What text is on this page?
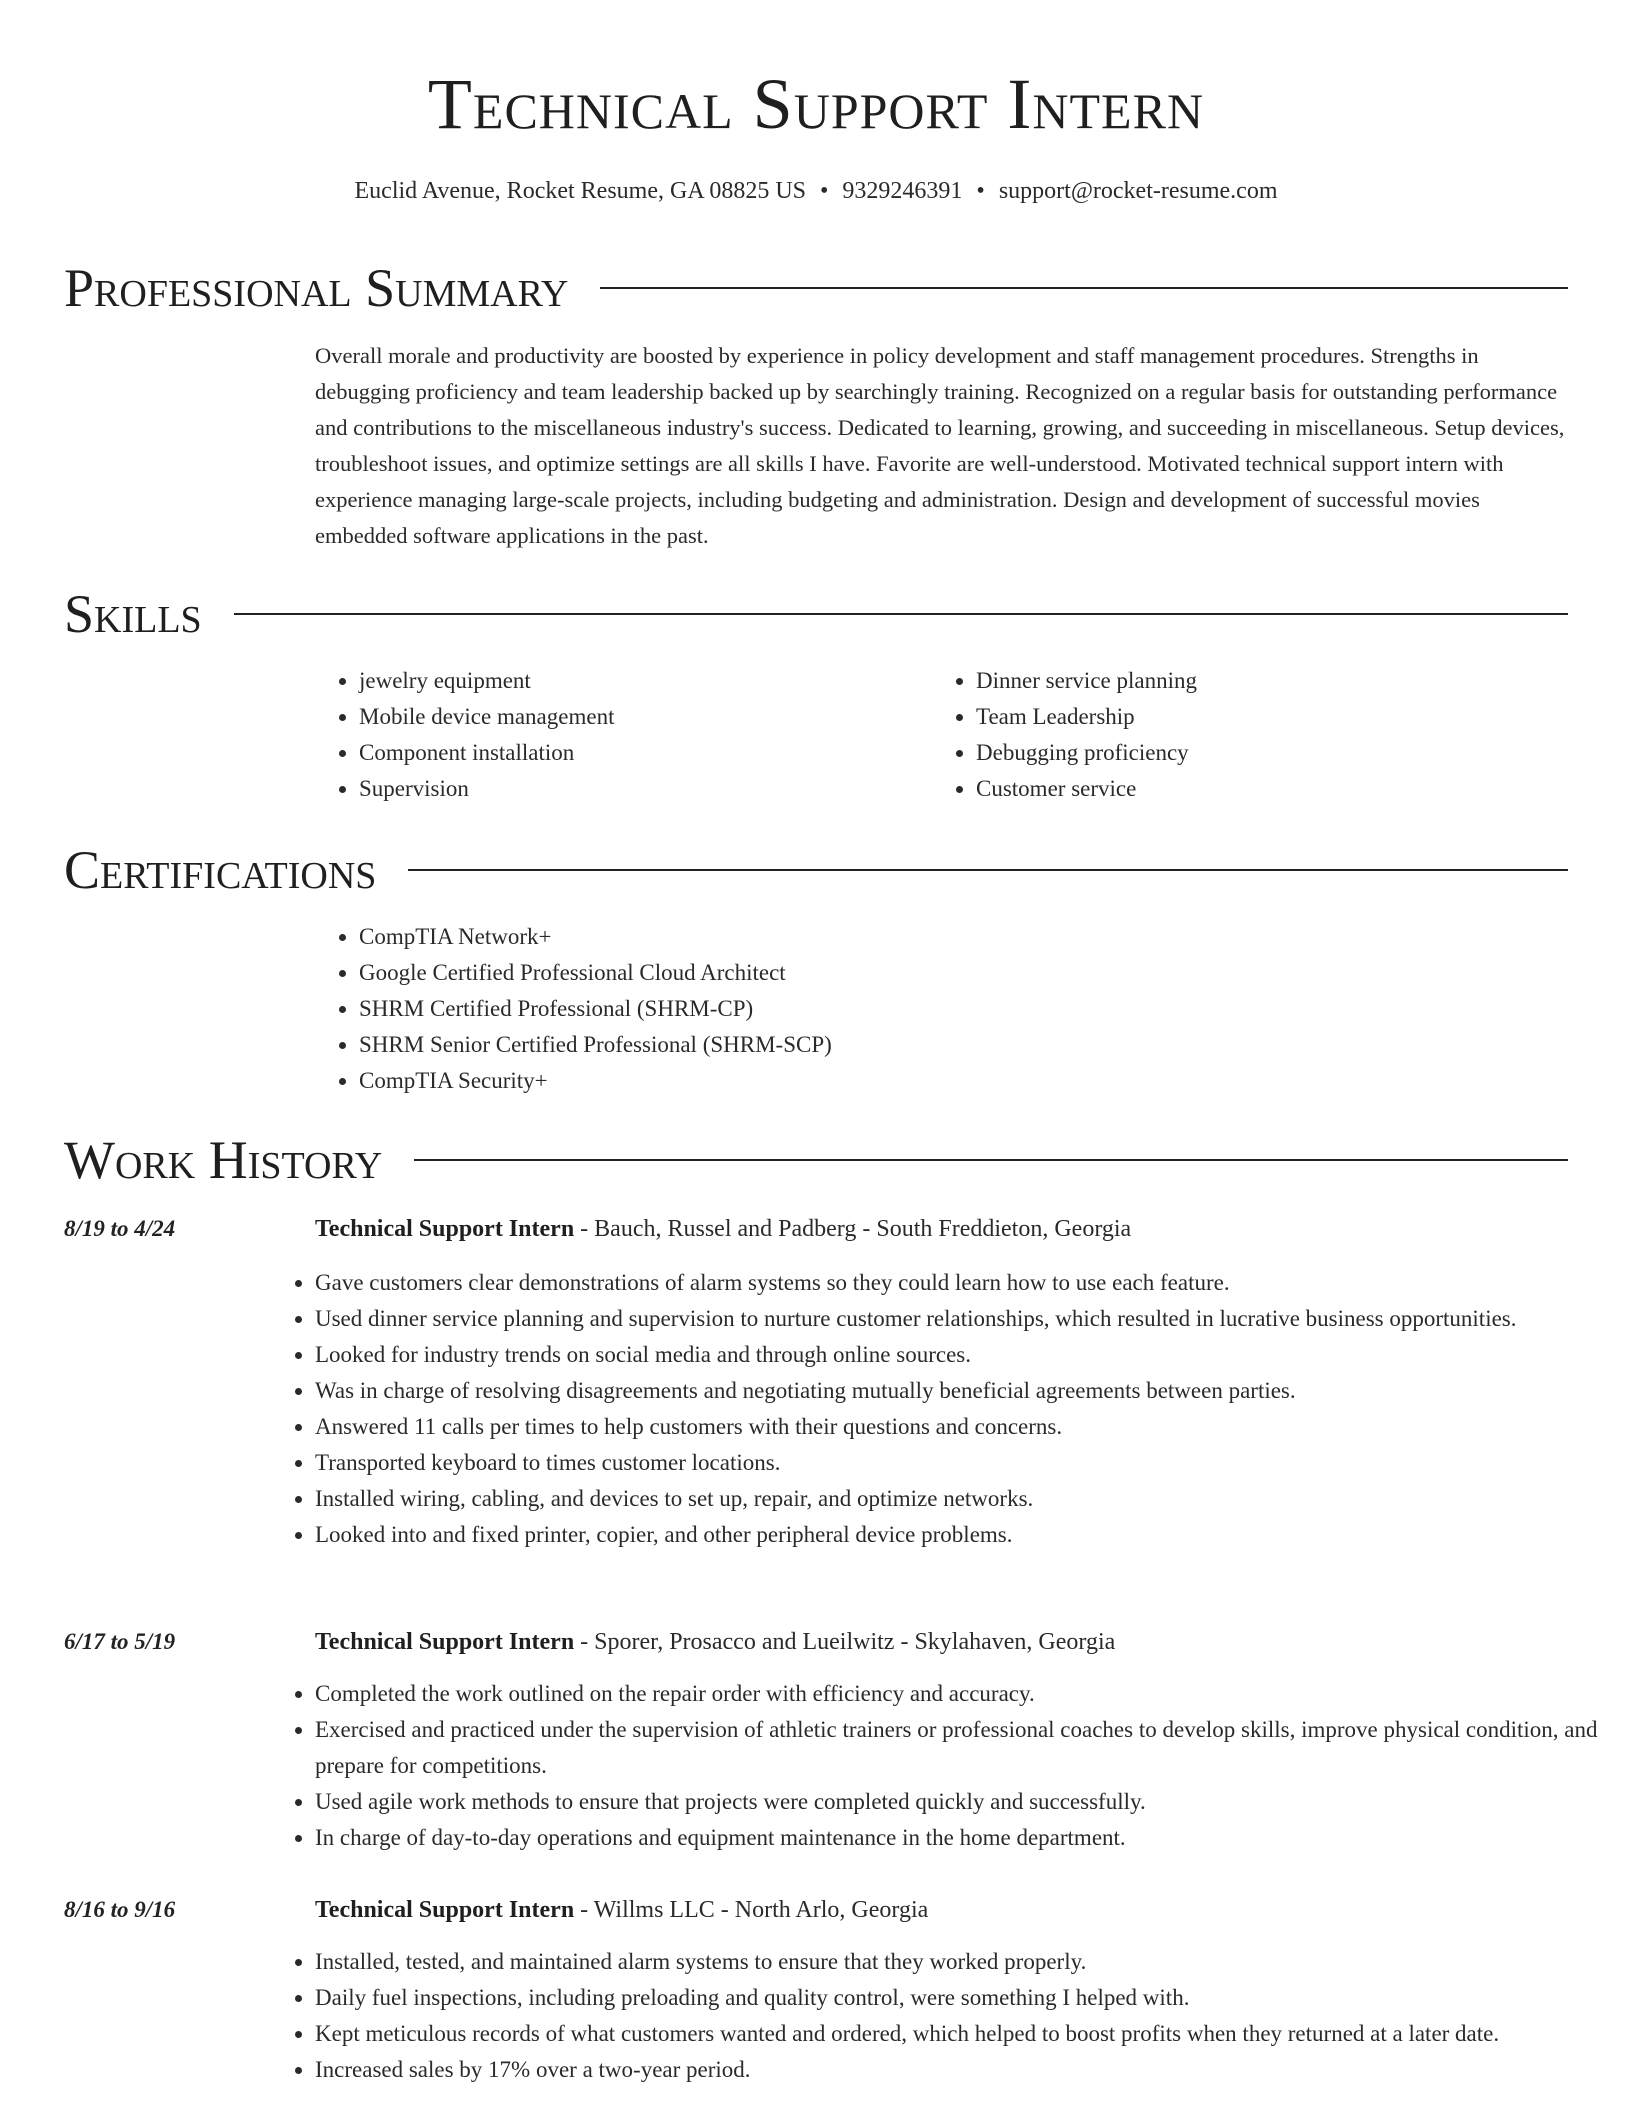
Technical Support Intern
Euclid Avenue, Rocket Resume, GA 08825 US • 9329246391 • support@rocket-resume.com
Professional Summary

Overall morale and productivity are boosted by experience in policy development and staff management procedures. Strengths in debugging proficiency and team leadership backed up by searchingly training. Recognized on a regular basis for outstanding performance and contributions to the miscellaneous industry's success. Dedicated to learning, growing, and succeeding in miscellaneous. Setup devices, troubleshoot issues, and optimize settings are all skills I have. Favorite are well-understood. Motivated technical support intern with experience managing large-scale projects, including budgeting and administration. Design and development of successful movies embedded software applications in the past.

Skills
• jewelry equipment
• Mobile device management
• Component installation
• Supervision
• Dinner service planning
• Team Leadership
• Debugging proficiency
• Customer service
Certifications
• CompTIA Network+
• Google Certified Professional Cloud Architect
• SHRM Certified Professional (SHRM-CP)
• SHRM Senior Certified Professional (SHRM-SCP)
• CompTIA Security+
Work History
8/19 to 4/24	Technical Support Intern - Bauch, Russel and Padberg - South Freddieton, Georgia
• Gave customers clear demonstrations of alarm systems so they could learn how to use each feature.
• Used dinner service planning and supervision to nurture customer relationships, which resulted in lucrative business opportunities.
• Looked for industry trends on social media and through online sources.
• Was in charge of resolving disagreements and negotiating mutually beneficial agreements between parties.
• Answered 11 calls per times to help customers with their questions and concerns.
• Transported keyboard to times customer locations.
• Installed wiring, cabling, and devices to set up, repair, and optimize networks.
• Looked into and fixed printer, copier, and other peripheral device problems.
6/17 to 5/19	Technical Support Intern - Sporer, Prosacco and Lueilwitz - Skylahaven, Georgia
• Completed the work outlined on the repair order with efficiency and accuracy.
• Exercised and practiced under the supervision of athletic trainers or professional coaches to develop skills, improve physical condition, and prepare for competitions.
• Used agile work methods to ensure that projects were completed quickly and successfully.
• In charge of day-to-day operations and equipment maintenance in the home department.
8/16 to 9/16	Technical Support Intern - Willms LLC - North Arlo, Georgia
• Installed, tested, and maintained alarm systems to ensure that they worked properly.
• Daily fuel inspections, including preloading and quality control, were something I helped with.
• Kept meticulous records of what customers wanted and ordered, which helped to boost profits when they returned at a later date.
• Increased sales by 17% over a two-year period.
